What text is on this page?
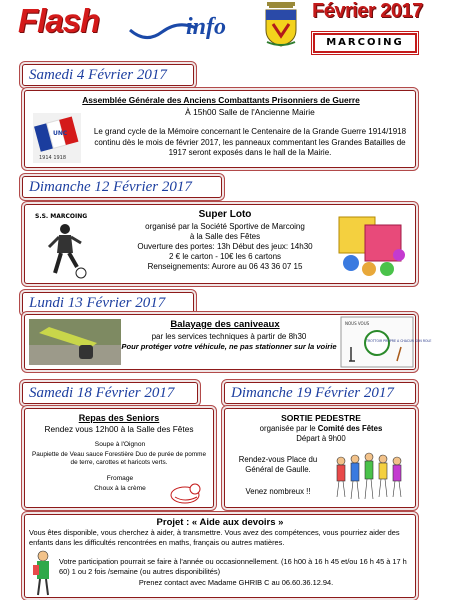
Flash	info
Février 2017
MARCOING
Samedi 4 Février 2017
Assemblée Générale des Anciens Combattants Prisonniers de Guerre
À 15h00 Salle de l'Ancienne Mairie
UNC
1914 1918
Le grand cycle de la Mémoire concernant le Centenaire de la Grande Guerre 1914/1918 continu dès le mois de février 2017, les panneaux commentant les Grandes Batailles de 1917 seront exposés dans le hall de la Mairie.
Dimanche 12 Février 2017
Super Loto
organisé par la Société Sportive de Marcoing
à la Salle des Fêtes
Ouverture des portes: 13h Début des jeux: 14h30
2 € le carton - 10€ les 6 cartons
Renseignements: Aurore au 06 43 36 07 15
S.S. MARCOING
Lundi 13 Février 2017
Balayage des caniveaux
par les services techniques à partir de 8h30
Pour protéger votre véhicule, ne pas stationner sur la voirie
NOUS VOUS
TROTTOIR PROPRE A CHACUN SON ROLE
Samedi 18 Février 2017
Repas des Seniors
Rendez vous 12h00 à la Salle des Fêtes
Soupe à l'Oignon
Paupiette de Veau sauce Forestière Duo de purée de pomme de terre, carottes et haricots verts.
Fromage
Choux à la crème
Dimanche 19 Février 2017
SORTIE PEDESTRE
organisée par le Comité des Fêtes
Départ à 9h00
Rendez-vous Place du Général de Gaulle.
Venez nombreux !!
Projet : « Aide aux devoirs »
Vous êtes disponible, vous cherchez à aider, à transmettre. Vous avez des compétences, vous pourriez aider des enfants dans les difficultés rencontrées en maths, français ou autres matières.
Votre participation pourrait se faire à l'année ou occasionnellement. (16 h00 à 16 h 45 et/ou 16 h 45 à 17 h 60) 1 ou 2 fois /semaine (ou autres disponibilités)
Prenez contact avec Madame GHRIB C au 06.60.36.12.94.
